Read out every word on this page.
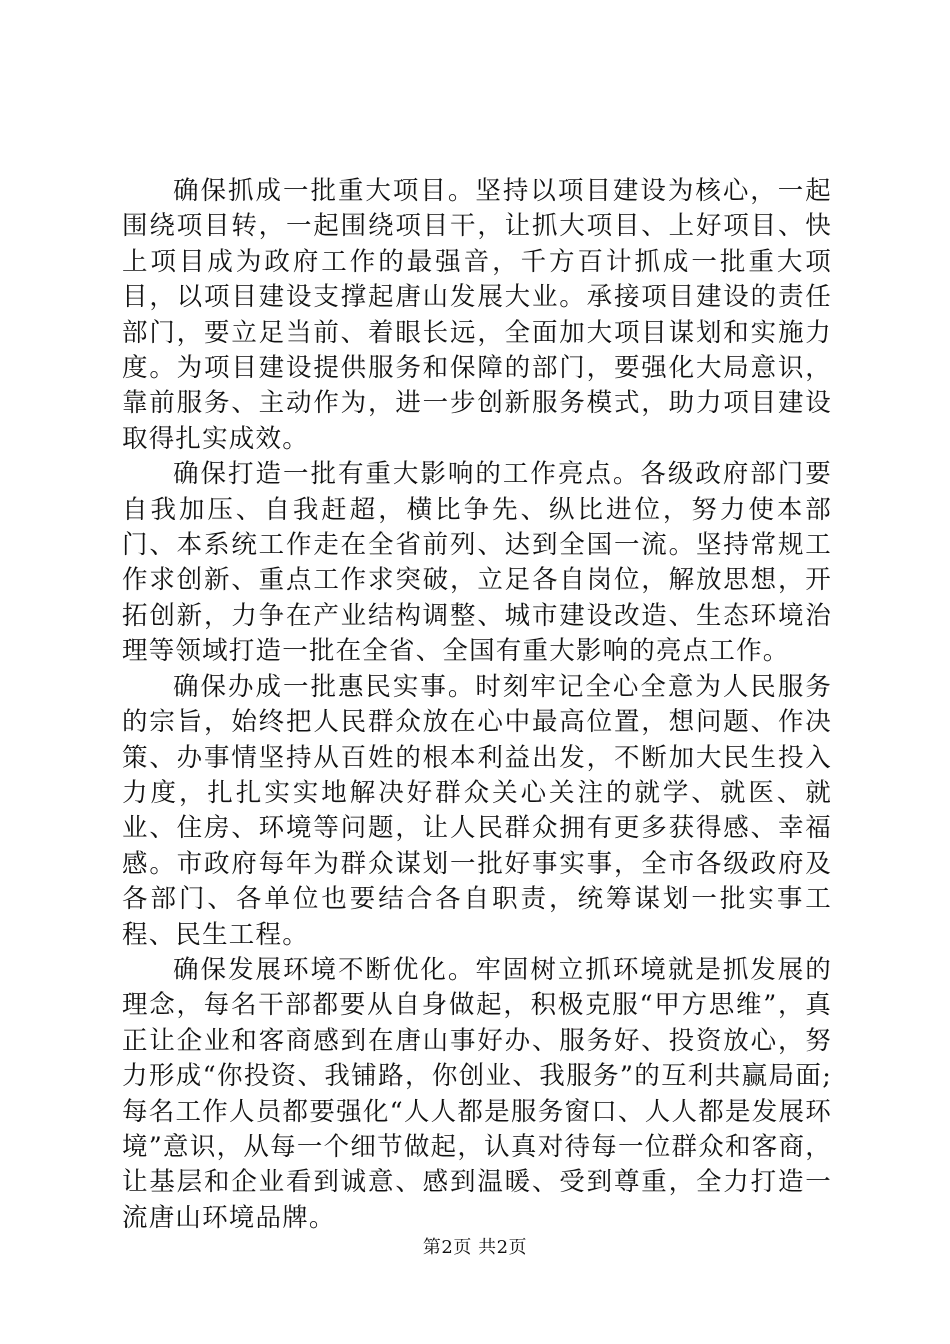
确保抓成一批重大项目。坚持以项目建设为核心，一起围绕项目转，一起围绕项目干，让抓大项目、上好项目、快上项目成为政府工作的最强音，千方百计抓成一批重大项目，以项目建设支撑起唐山发展大业。承接项目建设的责任部门，要立足当前、着眼长远，全面加大项目谋划和实施力度。为项目建设提供服务和保障的部门，要强化大局意识，靠前服务、主动作为，进一步创新服务模式，助力项目建设取得扎实成效。

确保打造一批有重大影响的工作亮点。各级政府部门要自我加压、自我赶超，横比争先、纵比进位，努力使本部门、本系统工作走在全省前列、达到全国一流。坚持常规工作求创新、重点工作求突破，立足各自岗位，解放思想，开拓创新，力争在产业结构调整、城市建设改造、生态环境治理等领域打造一批在全省、全国有重大影响的亮点工作。

确保办成一批惠民实事。时刻牢记全心全意为人民服务的宗旨，始终把人民群众放在心中最高位置，想问题、作决策、办事情坚持从百姓的根本利益出发，不断加大民生投入力度，扎扎实实地解决好群众关心关注的就学、就医、就业、住房、环境等问题，让人民群众拥有更多获得感、幸福感。市政府每年为群众谋划一批好事实事，全市各级政府及各部门、各单位也要结合各自职责，统筹谋划一批实事工程、民生工程。

确保发展环境不断优化。牢固树立抓环境就是抓发展的理念，每名干部都要从自身做起，积极克服“甲方思维”，真正让企业和客商感到在唐山事好办、服务好、投资放心，努力形成“你投资、我铺路，你创业、我服务”的互利共赢局面;每名工作人员都要强化“人人都是服务窗口、人人都是发展环境”意识，从每一个细节做起，认真对待每一位群众和客商，让基层和企业看到诚意、感到温暖、受到尊重，全力打造一流唐山环境品牌。

第2页 共2页
